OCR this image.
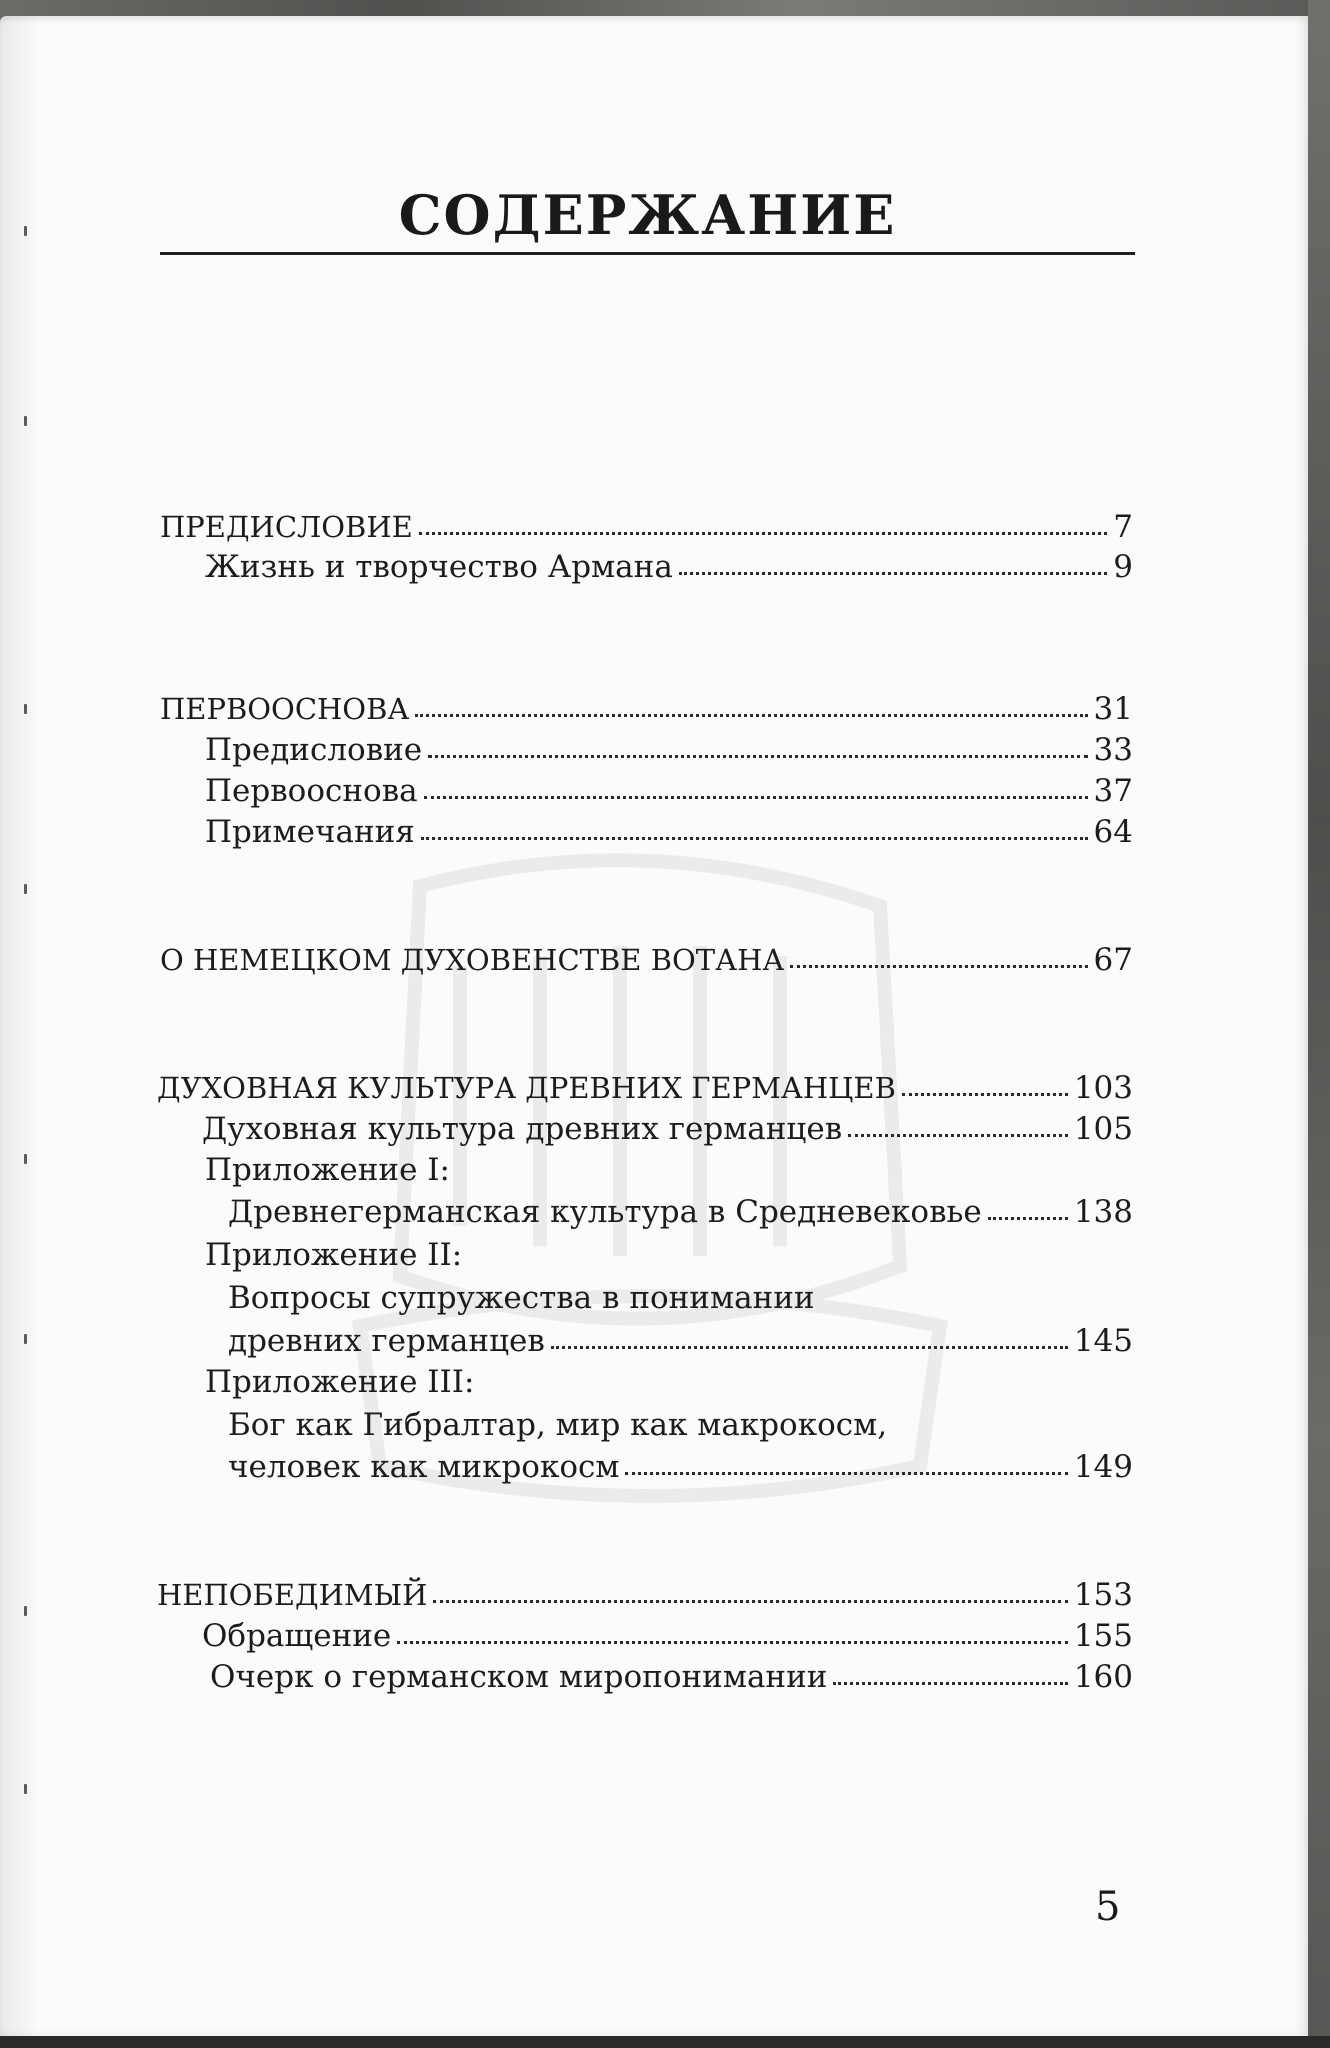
СОДЕРЖАНИЕ
ПРЕДИСЛОВИЕ	7
Жизнь и творчество Армана	9
ПЕРВООСНОВА	31
Предисловие	33
Первооснова	37
Примечания	64
О НЕМЕЦКОМ ДУХОВЕНСТВЕ ВОТАНА	67
ДУХОВНАЯ КУЛЬТУРА ДРЕВНИХ ГЕРМАНЦЕВ	103
Духовная культура древних германцев	105
Приложение I:
Древнегерманская культура в Средневековье	138
Приложение II:
Вопросы супружества в понимании
древних германцев	145
Приложение III:
Бог как Гибралтар, мир как макрокосм,
человек как микрокосм	149
НЕПОБЕДИМЫЙ	153
Обращение	155
Очерк о германском миропонимании	160
5
